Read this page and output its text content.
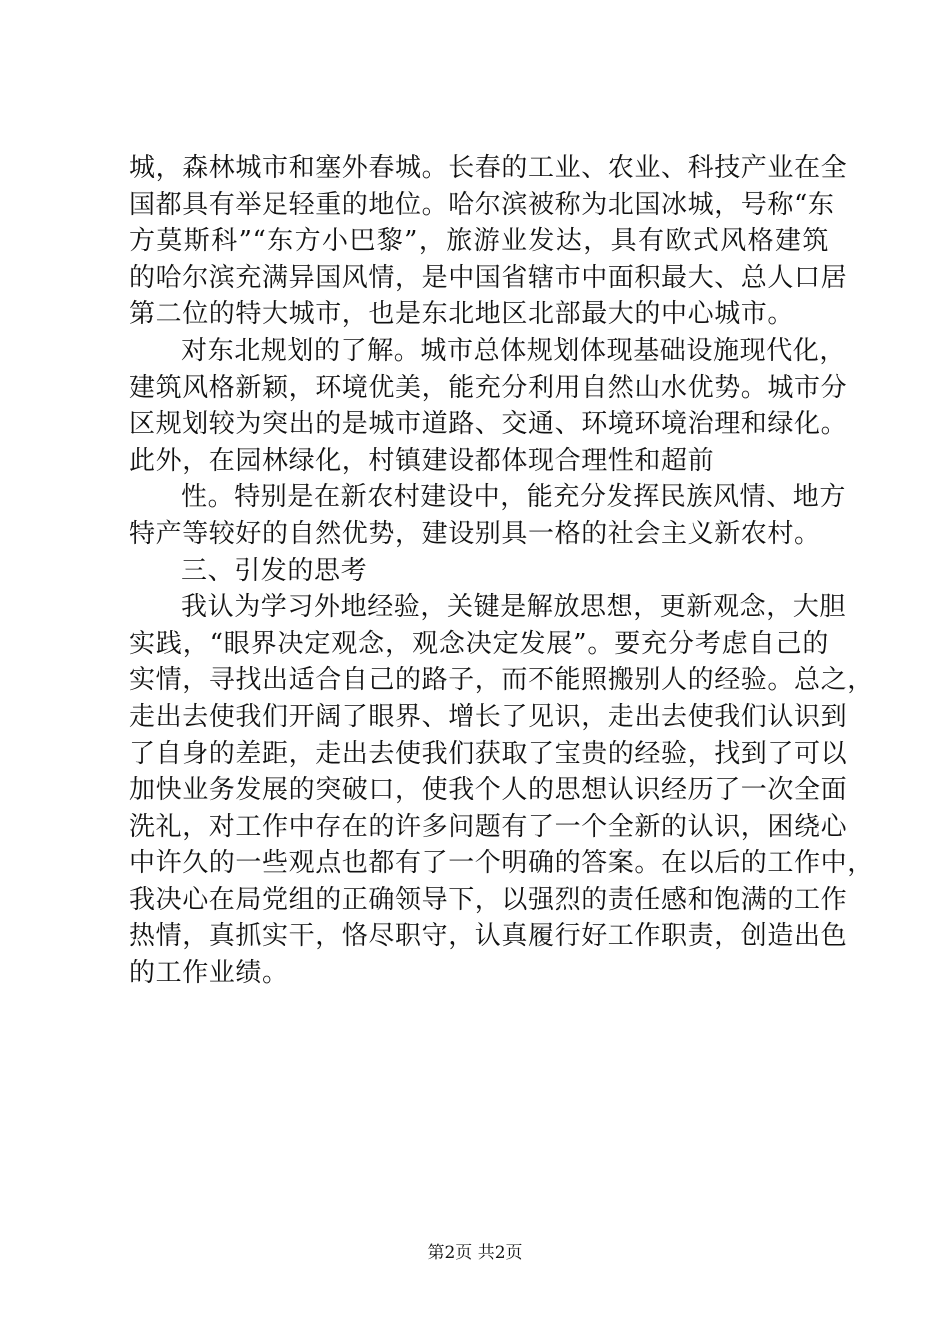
城，森林城市和塞外春城。长春的工业、农业、科技产业在全
国都具有举足轻重的地位。哈尔滨被称为北国冰城，号称“东
方莫斯科”“东方小巴黎”，旅游业发达，具有欧式风格建筑
的哈尔滨充满异国风情，是中国省辖市中面积最大、总人口居
第二位的特大城市，也是东北地区北部最大的中心城市。
对东北规划的了解。城市总体规划体现基础设施现代化，
建筑风格新颖，环境优美，能充分利用自然山水优势。城市分
区规划较为突出的是城市道路、交通、环境环境治理和绿化。
此外，在园林绿化，村镇建设都体现合理性和超前
性。特别是在新农村建设中，能充分发挥民族风情、地方
特产等较好的自然优势，建设别具一格的社会主义新农村。
三、引发的思考
我认为学习外地经验，关键是解放思想，更新观念，大胆
实践，“眼界决定观念，观念决定发展”。要充分考虑自己的
实情，寻找出适合自己的路子，而不能照搬别人的经验。总之，
走出去使我们开阔了眼界、增长了见识，走出去使我们认识到
了自身的差距，走出去使我们获取了宝贵的经验，找到了可以
加快业务发展的突破口，使我个人的思想认识经历了一次全面
洗礼，对工作中存在的许多问题有了一个全新的认识，困绕心
中许久的一些观点也都有了一个明确的答案。在以后的工作中，
我决心在局党组的正确领导下，以强烈的责任感和饱满的工作
热情，真抓实干，恪尽职守，认真履行好工作职责，创造出色
的工作业绩。
第2页 共2页
